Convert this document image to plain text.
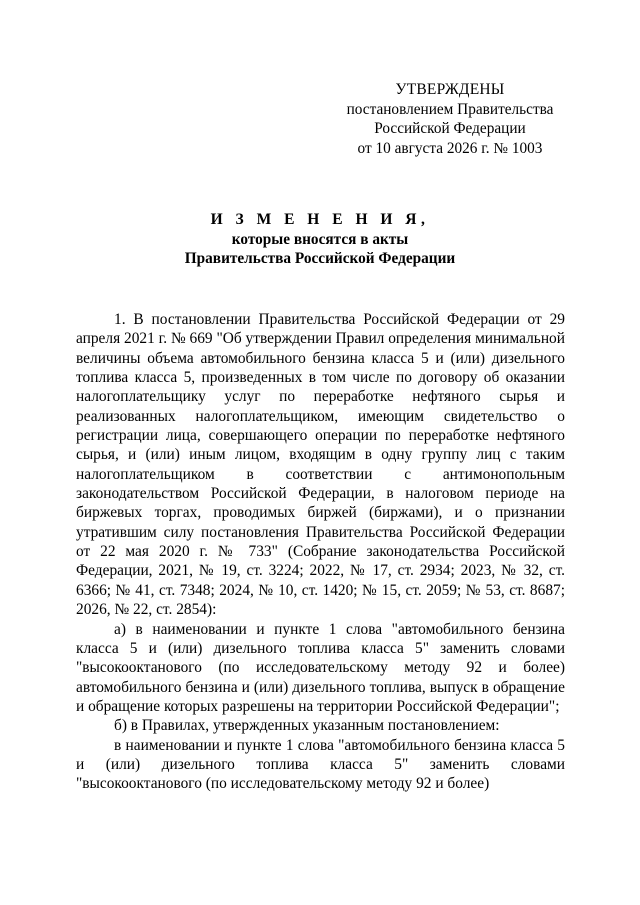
УТВЕРЖДЕНЫ
постановлением Правительства
Российской Федерации
от 10 августа 2026 г. № 1003
И З М Е Н Е Н И Я,
которые вносятся в акты
Правительства Российской Федерации

1. В постановлении Правительства Российской Федерации от 29 апреля 2021 г. № 669 "Об утверждении Правил определения минимальной величины объема автомобильного бензина класса 5 и (или) дизельного топлива класса 5, произведенных в том числе по договору об оказании налогоплательщику услуг по переработке нефтяного сырья и реализованных налогоплательщиком, имеющим свидетельство о регистрации лица, совершающего операции по переработке нефтяного сырья, и (или) иным лицом, входящим в одну группу лиц с таким налогоплательщиком в соответствии с антимонопольным законодательством Российской Федерации, в налоговом периоде на биржевых торгах, проводимых биржей (биржами), и о признании утратившим силу постановления Правительства Российской Федерации от 22 мая 2020 г. № 733" (Собрание законодательства Российской Федерации, 2021, № 19, ст. 3224; 2022, № 17, ст. 2934; 2023, № 32, ст. 6366; № 41, ст. 7348; 2024, № 10, ст. 1420; № 15, ст. 2059; № 53, ст. 8687; 2026, № 22, ст. 2854):

а) в наименовании и пункте 1 слова "автомобильного бензина класса 5 и (или) дизельного топлива класса 5" заменить словами "высокооктанового (по исследовательскому методу 92 и более) автомобильного бензина и (или) дизельного топлива, выпуск в обращение и обращение которых разрешены на территории Российской Федерации";

б) в Правилах, утвержденных указанным постановлением:

в наименовании и пункте 1 слова "автомобильного бензина класса 5 и (или) дизельного топлива класса 5" заменить словами "высокооктанового (по исследовательскому методу 92 и более)
